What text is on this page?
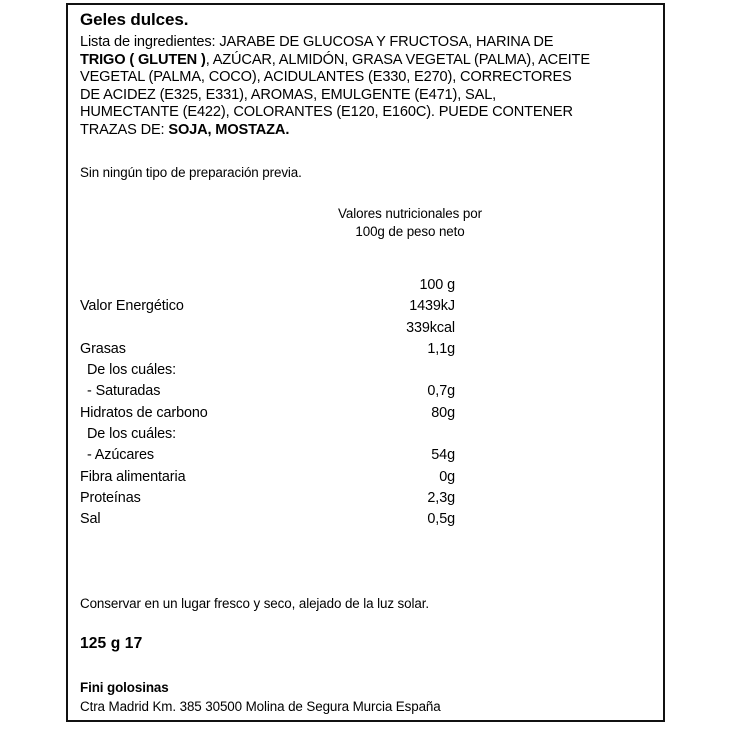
Geles dulces.
Lista de ingredientes: JARABE DE GLUCOSA Y FRUCTOSA, HARINA DE
TRIGO ( GLUTEN ), AZÚCAR, ALMIDÓN, GRASA VEGETAL (PALMA), ACEITE
VEGETAL (PALMA, COCO), ACIDULANTES (E330, E270), CORRECTORES
DE ACIDEZ (E325, E331), AROMAS, EMULGENTE (E471), SAL,
HUMECTANTE (E422), COLORANTES (E120, E160C). PUEDE CONTENER
TRAZAS DE: SOJA, MOSTAZA.
Sin ningún tipo de preparación previa.
Valores nutricionales por
100g de peso neto
100 g
Valor Energético	1439kJ
339kcal
Grasas	1,1g
De los cuáles:
- Saturadas	0,7g
Hidratos de carbono	80g
De los cuáles:
- Azúcares	54g
Fibra alimentaria	0g
Proteínas	2,3g
Sal	0,5g
Conservar en un lugar fresco y seco, alejado de la luz solar.
125 g 17
Fini golosinas
Ctra Madrid Km. 385 30500 Molina de Segura Murcia España
